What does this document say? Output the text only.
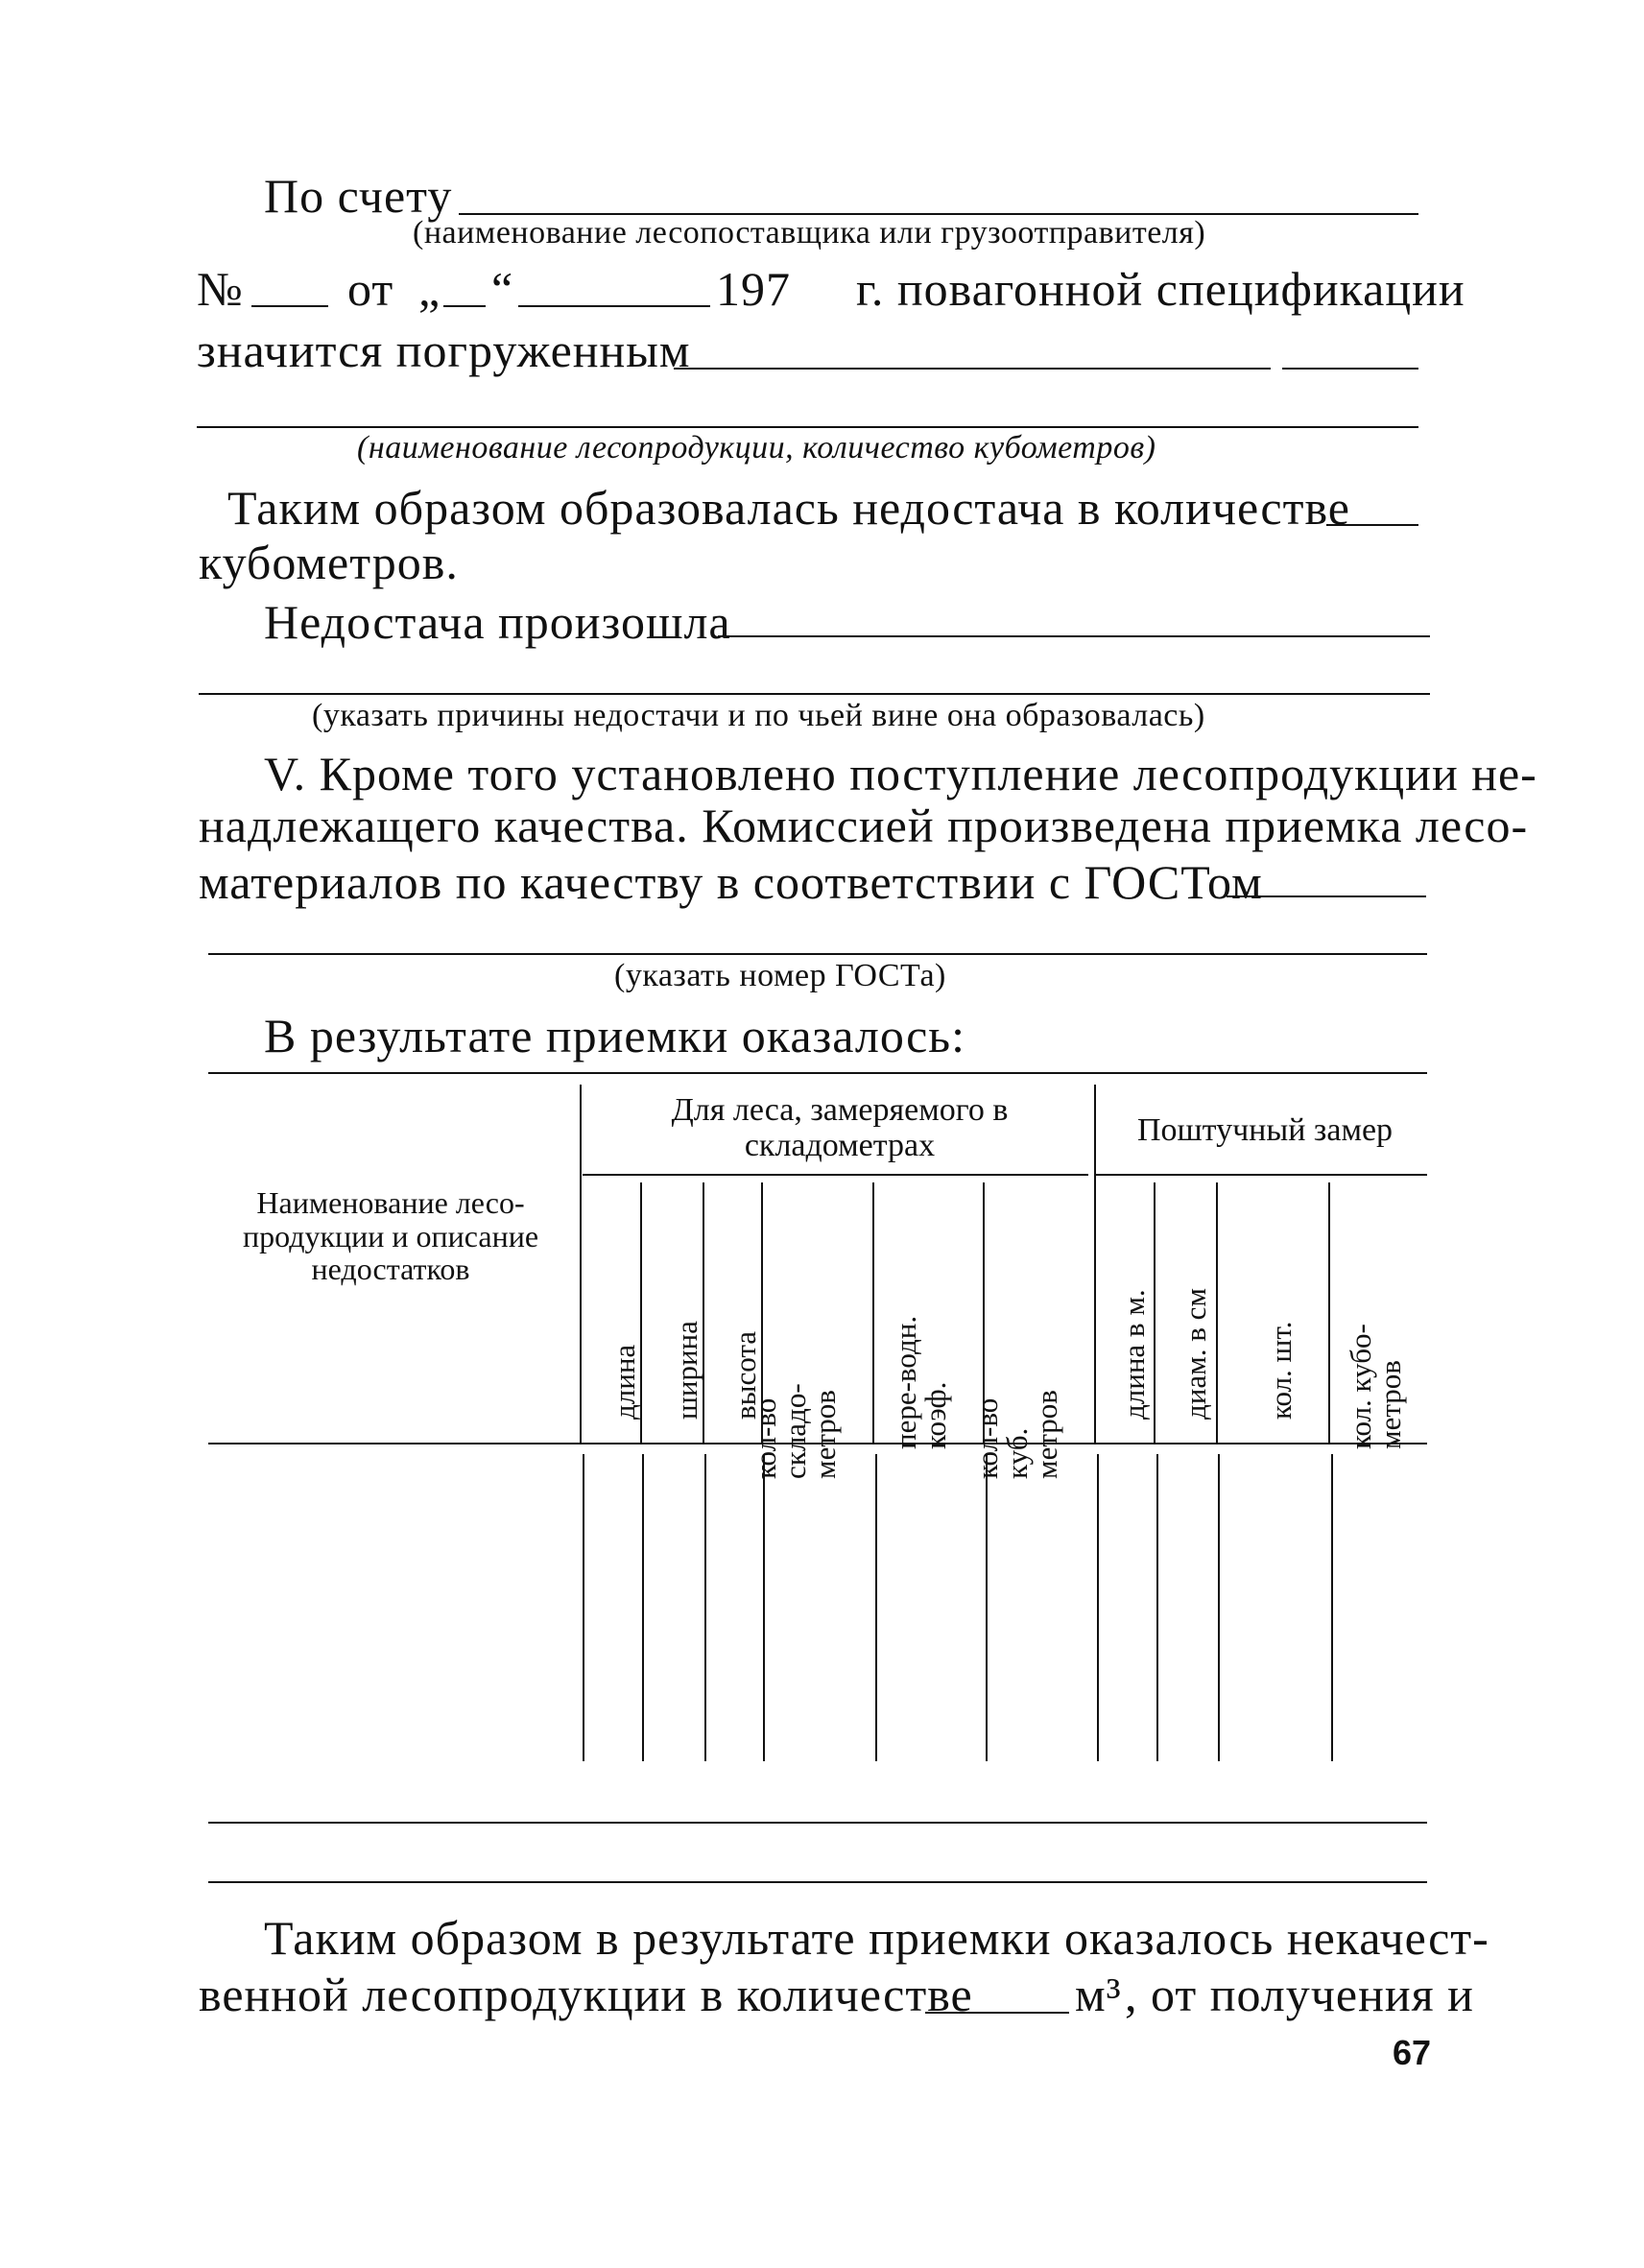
По счету
(наименование лесопоставщика или грузоотправителя)
№ от „ “	197 г. повагонной спецификации
значится погруженным
(наименование лесопродукции, количество кубометров)
Таким образом образовалась недостача в количестве
кубометров.
Недостача произошла
(указать причины недостачи и по чьей вине она образовалась)
V. Кроме того установлено поступление лесопродукции не-
надлежащего качества. Комиссией произведена приемка лесо-
материалов по качеству в соответствии с ГОСТом
(указать номер ГОСТа)
В результате приемки оказалось:
Наименование лесо-продукции и описание недостатков
Для леса, замеряемого в складометрах	Поштучный замер
длина ширина высота
кол-во складо-метров пере-водн. коэф. кол-во куб. метров
длина в м. диам. в см кол. шт. кол. кубо-метров
Таким образом в результате приемки оказалось некачест-
венной лесопродукции в количестве м³ , от получения и
67
